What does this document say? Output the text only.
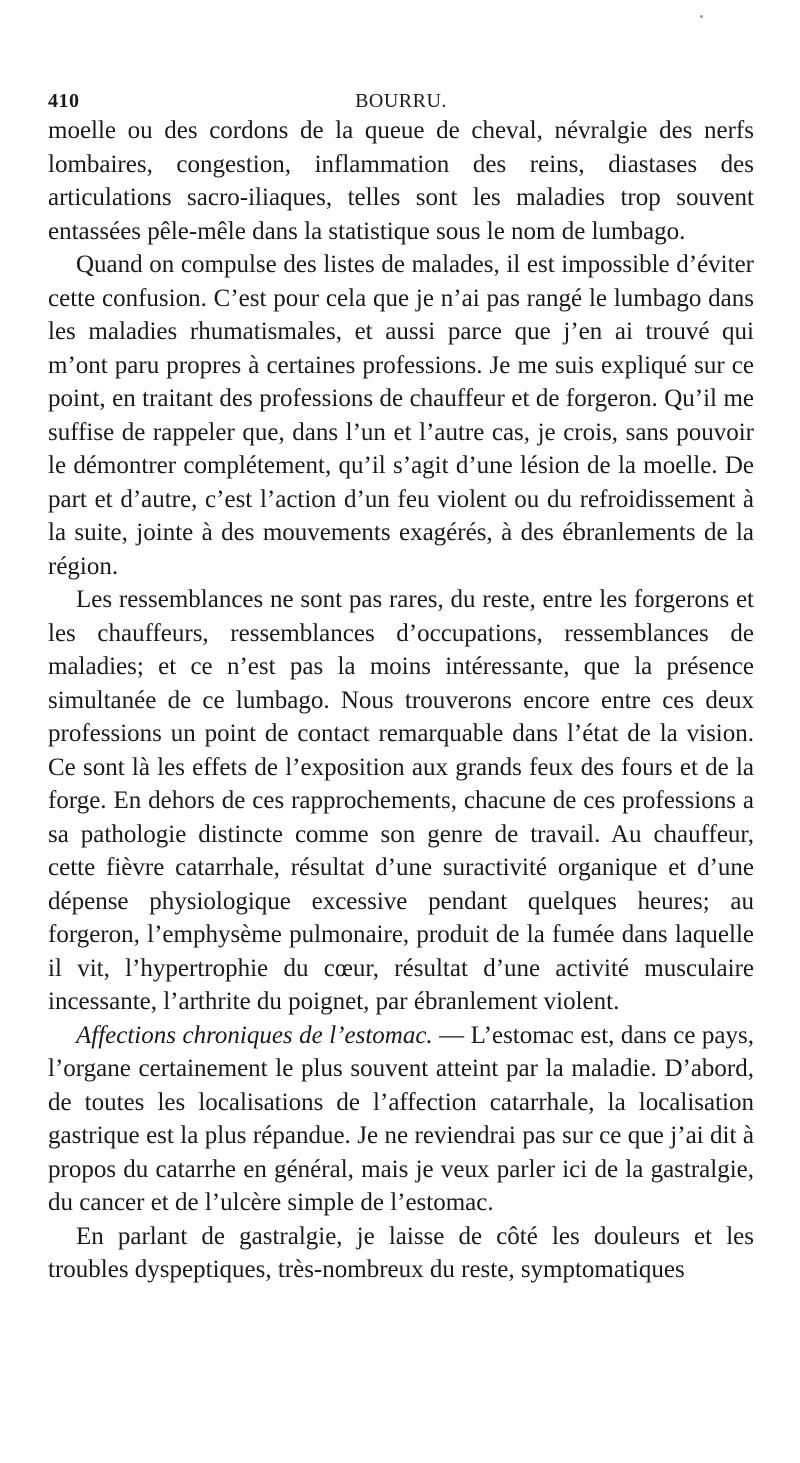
410	BOURRU.

moelle ou des cordons de la queue de cheval, névralgie des nerfs lombaires, congestion, inflammation des reins, diastases des articulations sacro-iliaques, telles sont les maladies trop souvent entassées pêle-mêle dans la statistique sous le nom de lumbago.

Quand on compulse des listes de malades, il est impossible d’éviter cette confusion. C’est pour cela que je n’ai pas rangé le lumbago dans les maladies rhumatismales, et aussi parce que j’en ai trouvé qui m’ont paru propres à certaines professions. Je me suis expliqué sur ce point, en traitant des professions de chauffeur et de forgeron. Qu’il me suffise de rappeler que, dans l’un et l’autre cas, je crois, sans pouvoir le démontrer complétement, qu’il s’agit d’une lésion de la moelle. De part et d’autre, c’est l’action d’un feu violent ou du refroidissement à la suite, jointe à des mouvements exagérés, à des ébranlements de la région.

Les ressemblances ne sont pas rares, du reste, entre les forgerons et les chauffeurs, ressemblances d’occupations, ressemblances de maladies; et ce n’est pas la moins intéressante, que la présence simultanée de ce lumbago. Nous trouverons encore entre ces deux professions un point de contact remarquable dans l’état de la vision. Ce sont là les effets de l’exposition aux grands feux des fours et de la forge. En dehors de ces rapprochements, chacune de ces professions a sa pathologie distincte comme son genre de travail. Au chauffeur, cette fièvre catarrhale, résultat d’une suractivité organique et d’une dépense physiologique excessive pendant quelques heures; au forgeron, l’emphysème pulmonaire, produit de la fumée dans laquelle il vit, l’hypertrophie du cœur, résultat d’une activité musculaire incessante, l’arthrite du poignet, par ébranlement violent.

Affections chroniques de l’estomac. — L’estomac est, dans ce pays, l’organe certainement le plus souvent atteint par la maladie. D’abord, de toutes les localisations de l’affection catarrhale, la localisation gastrique est la plus répandue. Je ne reviendrai pas sur ce que j’ai dit à propos du catarrhe en général, mais je veux parler ici de la gastralgie, du cancer et de l’ulcère simple de l’estomac.

En parlant de gastralgie, je laisse de côté les douleurs et les troubles dyspeptiques, très-nombreux du reste, symptomatiques
